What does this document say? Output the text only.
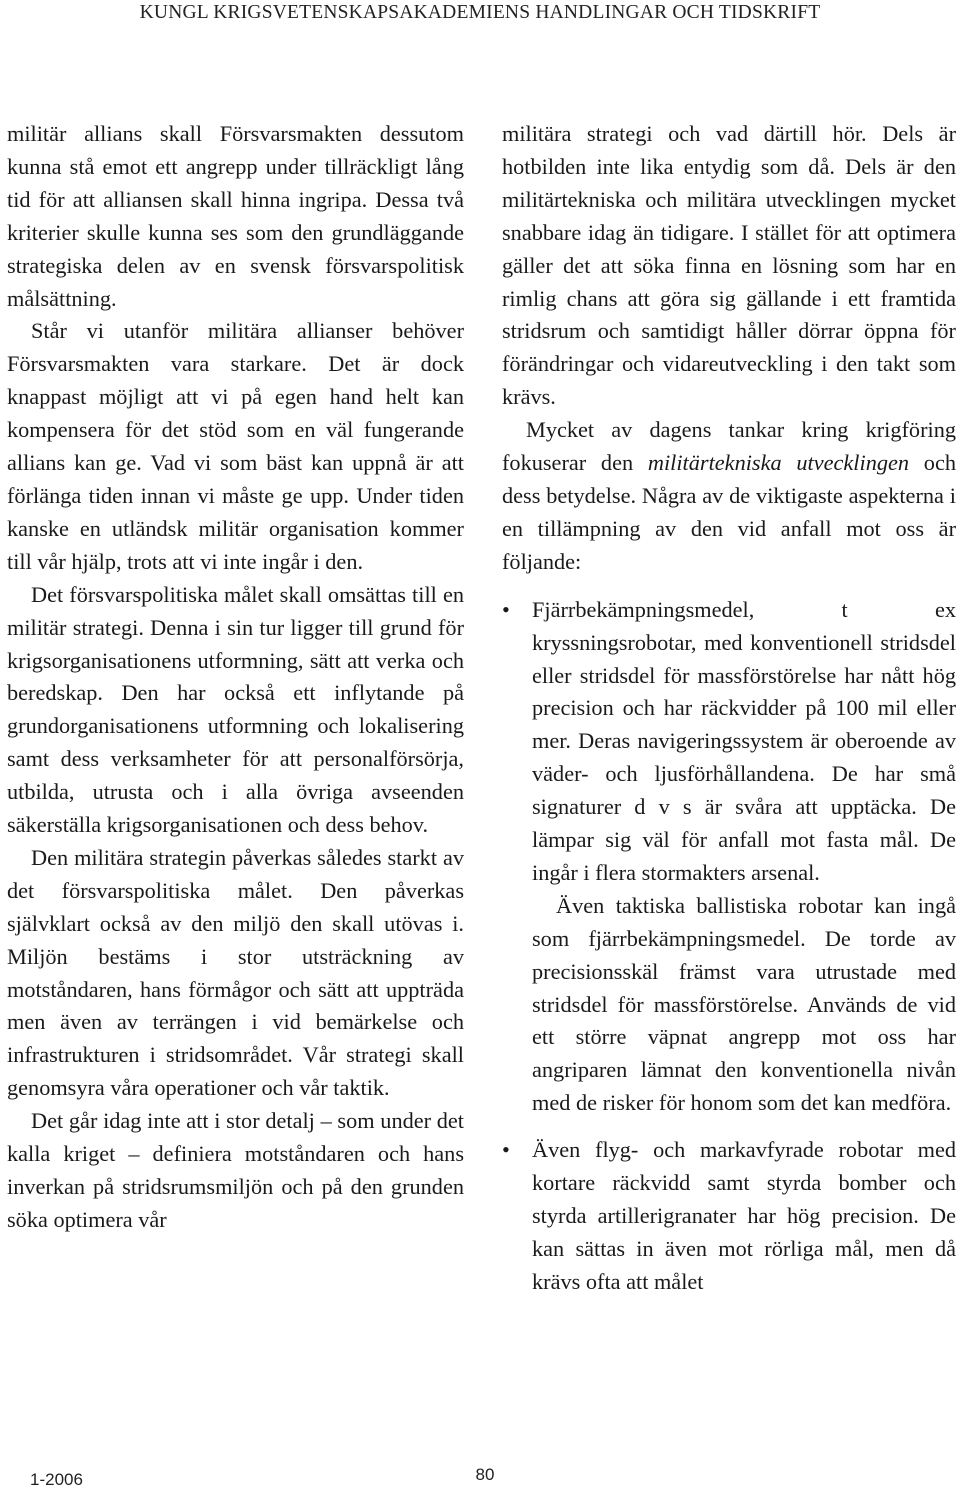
KUNGL KRIGSVETENSKAPSAKADEMIENS HANDLINGAR OCH TIDSKRIFT

militär allians skall Försvarsmakten dessutom kunna stå emot ett angrepp under tillräckligt lång tid för att alliansen skall hinna ingripa. Dessa två kriterier skulle kunna ses som den grundläggande strategiska delen av en svensk försvarspolitisk målsättning.

Står vi utanför militära allianser behöver Försvarsmakten vara starkare. Det är dock knappast möjligt att vi på egen hand helt kan kompensera för det stöd som en väl fungerande allians kan ge. Vad vi som bäst kan uppnå är att förlänga tiden innan vi måste ge upp. Under tiden kanske en utländsk militär organisation kommer till vår hjälp, trots att vi inte ingår i den.

Det försvarspolitiska målet skall omsättas till en militär strategi. Denna i sin tur ligger till grund för krigsorganisationens utformning, sätt att verka och beredskap. Den har också ett inflytande på grundorganisationens utformning och lokalisering samt dess verksamheter för att personalförsörja, utbilda, utrusta och i alla övriga avseenden säkerställa krigsorganisationen och dess behov.

Den militära strategin påverkas således starkt av det försvarspolitiska målet. Den påverkas självklart också av den miljö den skall utövas i. Miljön bestäms i stor utsträckning av motståndaren, hans förmågor och sätt att uppträda men även av terrängen i vid bemärkelse och infrastrukturen i stridsområdet. Vår strategi skall genomsyra våra operationer och vår taktik.

Det går idag inte att i stor detalj – som under det kalla kriget – definiera motståndaren och hans inverkan på stridsrumsmiljön och på den grunden söka optimera vår

militära strategi och vad därtill hör. Dels är hotbilden inte lika entydig som då. Dels är den militärtekniska och militära utvecklingen mycket snabbare idag än tidigare. I stället för att optimera gäller det att söka finna en lösning som har en rimlig chans att göra sig gällande i ett framtida stridsrum och samtidigt håller dörrar öppna för förändringar och vidareutveckling i den takt som krävs.

Mycket av dagens tankar kring krigföring fokuserar den militärtekniska utvecklingen och dess betydelse. Några av de viktigaste aspekterna i en tillämpning av den vid anfall mot oss är följande:

• Fjärrbekämpningsmedel, t ex kryssningsrobotar, med konventionell stridsdel eller stridsdel för massförstörelse har nått hög precision och har räckvidder på 100 mil eller mer. Deras navigeringssystem är oberoende av väder- och ljusförhållandena. De har små signaturer d v s är svåra att upptäcka. De lämpar sig väl för anfall mot fasta mål. De ingår i flera stormakters arsenal.

Även taktiska ballistiska robotar kan ingå som fjärrbekämpningsmedel. De torde av precisionsskäl främst vara utrustade med stridsdel för massförstörelse. Används de vid ett större väpnat angrepp mot oss har angriparen lämnat den konventionella nivån med de risker för honom som det kan medföra.

• Även flyg- och markavfyrade robotar med kortare räckvidd samt styrda bomber och styrda artillerigranater har hög precision. De kan sättas in även mot rörliga mål, men då krävs ofta att målet

80
1-2006
